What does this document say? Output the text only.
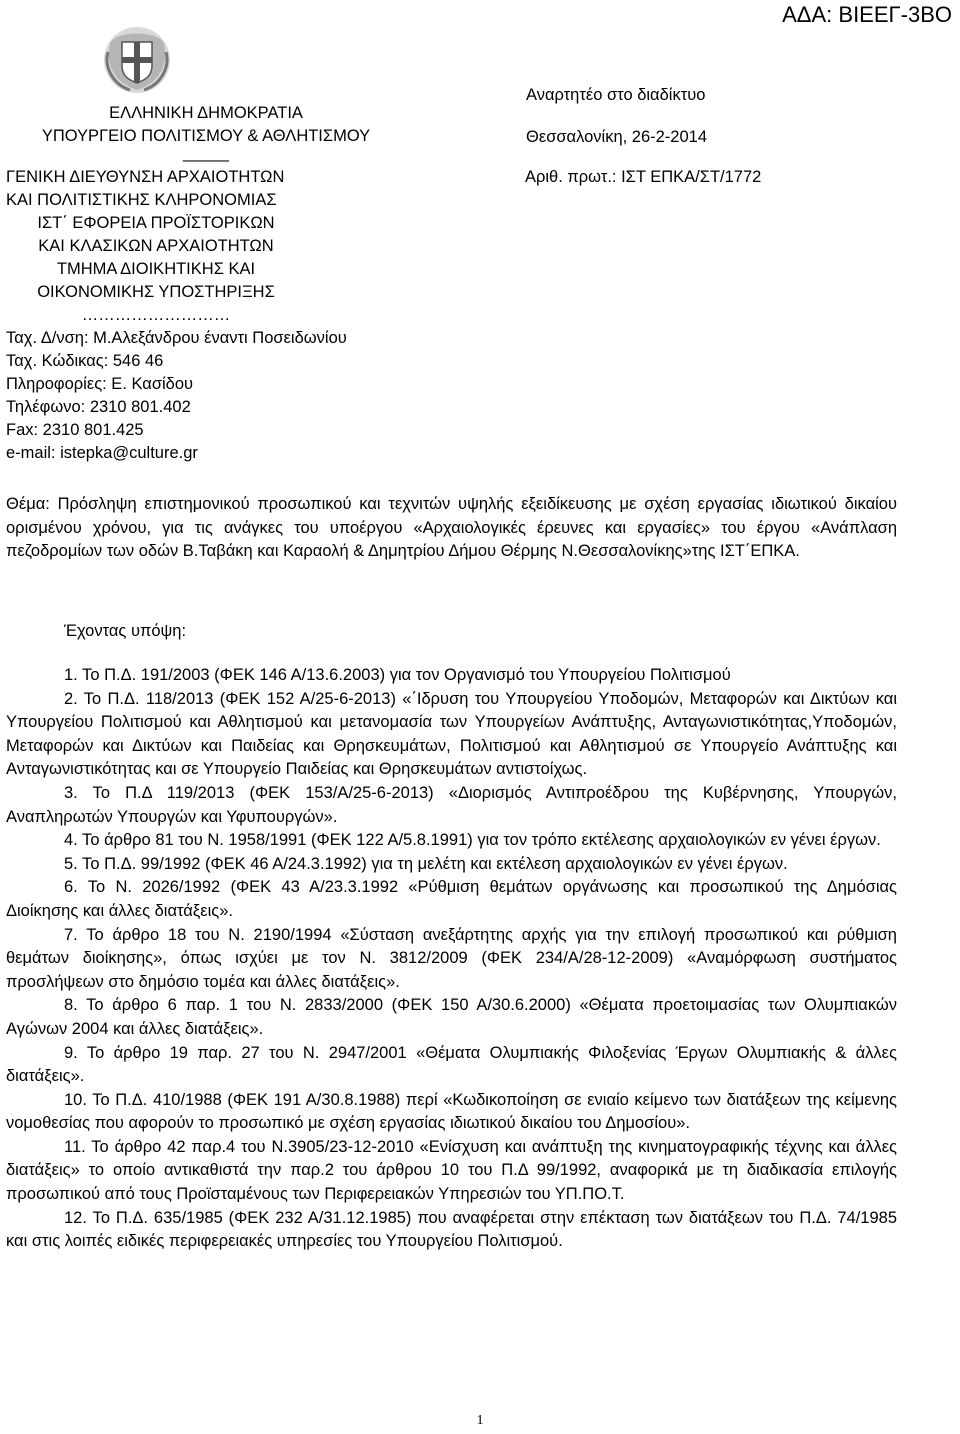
ΑΔΑ: ΒΙΕΕΓ-3ΒΟ
ΕΛΛΗΝΙΚΗ ΔΗΜΟΚΡΑΤΙΑ
ΥΠΟΥΡΓΕΙΟ ΠΟΛΙΤΙΣΜΟΥ & ΑΘΛΗΤΙΣΜΟΥ
_____
ΓΕΝΙΚΗ ΔΙΕΥΘΥΝΣΗ ΑΡΧΑΙΟΤΗΤΩΝ
ΚΑΙ ΠΟΛΙΤΙΣΤΙΚΗΣ ΚΛΗΡΟΝΟΜΙΑΣ
ΙΣΤ΄ ΕΦΟΡΕΙΑ ΠΡΟΪΣΤΟΡΙΚΩΝ
ΚΑΙ ΚΛΑΣΙΚΩΝ ΑΡΧΑΙΟΤΗΤΩΝ
ΤΜΗΜΑ ΔΙΟΙΚΗΤΙΚΗΣ ΚΑΙ
ΟΙΚΟΝΟΜΙΚΗΣ ΥΠΟΣΤΗΡΙΞΗΣ
………………………
Ταχ. Δ/νση: Μ.Αλεξάνδρου έναντι Ποσειδωνίου
Ταχ. Κώδικας: 546 46
Πληροφορίες: Ε. Κασίδου
Τηλέφωνο: 2310 801.402
Fax: 2310 801.425
e-mail: istepka@culture.gr
Αναρτητέο στο διαδίκτυο
Θεσσαλονίκη, 26-2-2014
Αριθ. πρωτ.: ΙΣΤ ΕΠΚΑ/ΣΤ/1772
Θέμα: Πρόσληψη επιστημονικού προσωπικού και τεχνιτών υψηλής εξειδίκευσης με σχέση εργασίας ιδιωτικού δικαίου ορισμένου χρόνου, για τις ανάγκες του υποέργου «Αρχαιολογικές έρευνες και εργασίες» του έργου «Ανάπλαση πεζοδρομίων των οδών Β.Ταβάκη και Καραολή & Δημητρίου Δήμου Θέρμης Ν.Θεσσαλονίκης»της ΙΣΤ΄ΕΠΚΑ.
Έχοντας υπόψη:

1. Το Π.Δ. 191/2003 (ΦΕΚ 146 Α/13.6.2003) για τον Οργανισμό του Υπουργείου Πολιτισμού

2. Το Π.Δ. 118/2013 (ΦΕΚ 152 Α/25-6-2013) «΄Ιδρυση του Υπουργείου Υποδομών, Μεταφορών και Δικτύων και Υπουργείου Πολιτισμού και Αθλητισμού και μετανομασία των Υπουργείων Ανάπτυξης, Ανταγωνιστικότητας,Υποδομών, Μεταφορών και Δικτύων και Παιδείας και Θρησκευμάτων, Πολιτισμού και Αθλητισμού σε Υπουργείο Ανάπτυξης και Ανταγωνιστικότητας και σε Υπουργείο Παιδείας και Θρησκευμάτων αντιστοίχως.

3. Το Π.Δ 119/2013 (ΦΕΚ 153/Α/25-6-2013) «Διορισμός Αντιπροέδρου της Κυβέρνησης, Υπουργών, Αναπληρωτών Υπουργών και Υφυπουργών».

4. Το άρθρο 81 του Ν. 1958/1991 (ΦΕΚ 122 Α/5.8.1991) για τον τρόπο εκτέλεσης αρχαιολογικών εν γένει έργων.

5. Το Π.Δ. 99/1992 (ΦΕΚ 46 Α/24.3.1992) για τη μελέτη και εκτέλεση αρχαιολογικών εν γένει έργων.

6. Το Ν. 2026/1992 (ΦΕΚ 43 Α/23.3.1992 «Ρύθμιση θεμάτων οργάνωσης και προσωπικού της Δημόσιας Διοίκησης και άλλες διατάξεις».

7. Το άρθρο 18 του Ν. 2190/1994 «Σύσταση ανεξάρτητης αρχής για την επιλογή προσωπικού και ρύθμιση θεμάτων διοίκησης», όπως ισχύει με τον Ν. 3812/2009 (ΦΕΚ 234/Α/28-12-2009) «Αναμόρφωση συστήματος προσλήψεων στο δημόσιο τομέα και άλλες διατάξεις».

8. Το άρθρο 6 παρ. 1 του Ν. 2833/2000 (ΦΕΚ 150 Α/30.6.2000) «Θέματα προετοιμασίας των Ολυμπιακών Αγώνων 2004 και άλλες διατάξεις».

9. Το άρθρο 19 παρ. 27 του Ν. 2947/2001 «Θέματα Ολυμπιακής Φιλοξενίας Έργων Ολυμπιακής & άλλες διατάξεις».

10. Το Π.Δ. 410/1988 (ΦΕΚ 191 Α/30.8.1988) περί «Κωδικοποίηση σε ενιαίο κείμενο των διατάξεων της κείμενης νομοθεσίας που αφορούν το προσωπικό με σχέση εργασίας ιδιωτικού δικαίου του Δημοσίου».

11. Το άρθρο 42 παρ.4 του Ν.3905/23-12-2010 «Ενίσχυση και ανάπτυξη της κινηματογραφικής τέχνης και άλλες διατάξεις» το οποίο αντικαθιστά την παρ.2 του άρθρου 10 του Π.Δ 99/1992, αναφορικά με τη διαδικασία επιλογής προσωπικού από τους Προϊσταμένους των Περιφερειακών Υπηρεσιών του ΥΠ.ΠΟ.Τ.

12. Το Π.Δ. 635/1985 (ΦΕΚ 232 Α/31.12.1985) που αναφέρεται στην επέκταση των διατάξεων του Π.Δ. 74/1985 και στις λοιπές ειδικές περιφερειακές υπηρεσίες του Υπουργείου Πολιτισμού.

1
